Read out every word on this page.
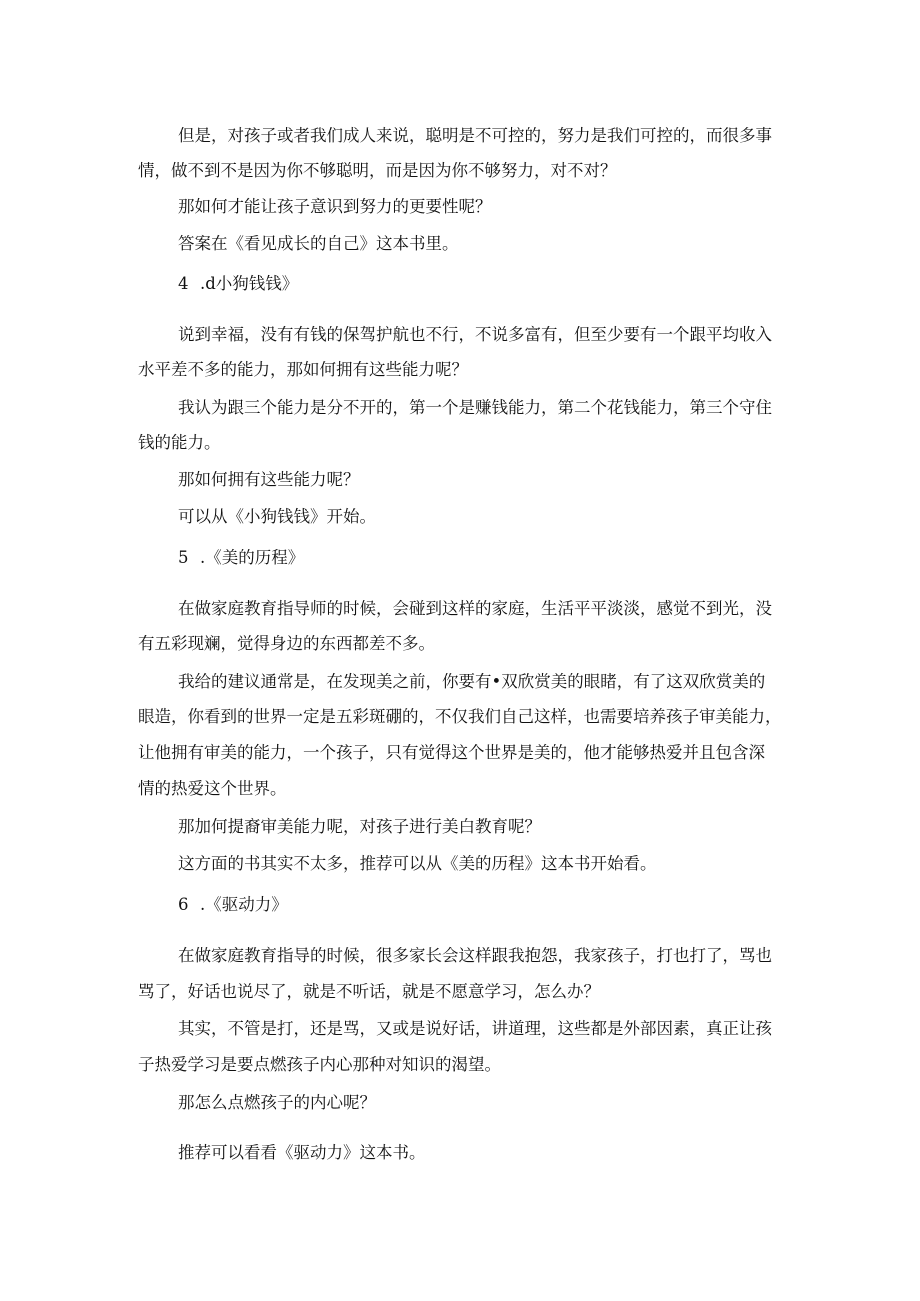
但是，对孩子或者我们成人来说，聪明是不可控的，努力是我们可控的，而很多事
情，做不到不是因为你不够聪明，而是因为你不够努力，对不对？
那如何才能让孩子意识到努力的更要性呢？
答案在《看见成长的自己》这本书里。
4 .d小狗钱钱》
说到幸福，没有有钱的保驾护航也不行，不说多富有，但至少要有一个跟平均收入
水平差不多的能力，那如何拥有这些能力呢？
我认为跟三个能力是分不开的，第一个是赚钱能力，第二个花钱能力，第三个守住
钱的能力。
那如何拥有这些能力呢？
可以从《小狗钱钱》开始。
5 .《美的历程》
在做家庭教育指导师的时候，会碰到这样的家庭，生活平平淡淡，感觉不到光，没
有五彩现斓，觉得身边的东西都差不多。
我给的建议通常是，在发现美之前，你要有•双欣赏美的眼睹，有了这双欣赏美的
眼造，你看到的世界一定是五彩斑硼的，不仅我们自己这样，也需要培养孩子审美能力，
让他拥有审美的能力，一个孩子，只有觉得这个世界是美的，他才能够热爱并且包含深
情的热爱这个世界。
那加何提裔审美能力呢，对孩子进行美白教育呢？
这方面的书其实不太多，推荐可以从《美的历程》这本书开始看。
6 .《驱动力》
在做家庭教育指导的时候，很多家长会这样跟我抱怨，我家孩子，打也打了，骂也
骂了，好话也说尽了，就是不听话，就是不愿意学习，怎么办？
其实，不管是打，还是骂，又或是说好话，讲道理，这些都是外部因素，真正让孩
子热爱学习是要点燃孩子内心那种对知识的渴望。
那怎么点燃孩子的内心呢？
推荐可以看看《驱动力》这本书。
